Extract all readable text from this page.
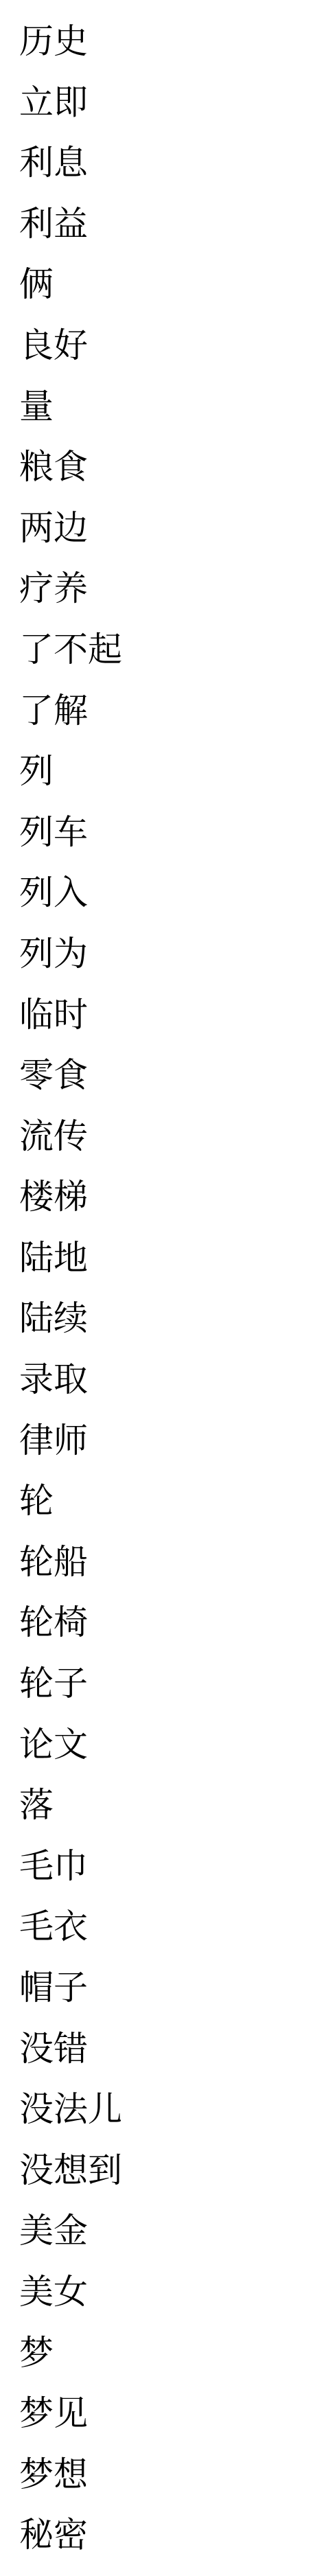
历史
立即
利息
利益
俩
良好
量
粮食
两边
疗养
了不起
了解
列
列车
列入
列为
临时
零食
流传
楼梯
陆地
陆续
录取
律师
轮
轮船
轮椅
轮子
论文
落
毛巾
毛衣
帽子
没错
没法儿
没想到
美金
美女
梦
梦见
梦想
秘密
